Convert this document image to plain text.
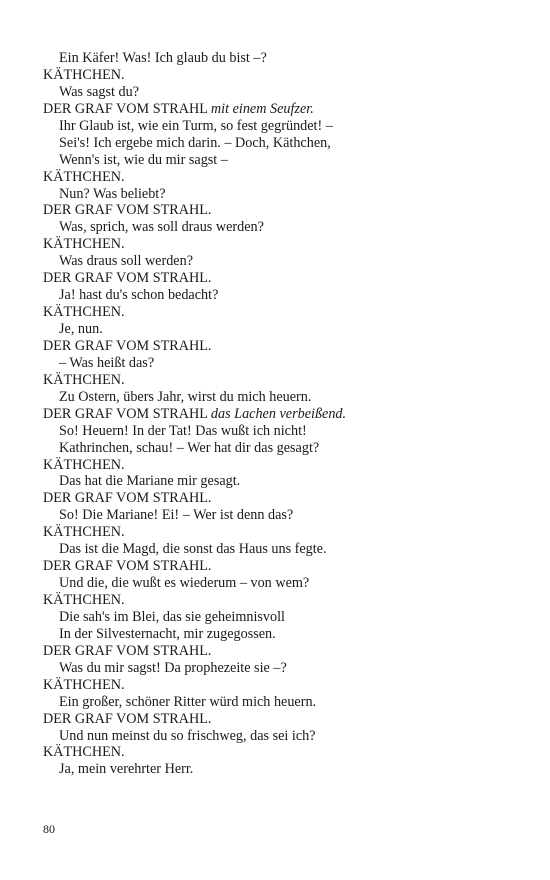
Ein Käfer! Was! Ich glaub du bist –?
KÄTHCHEN.
Was sagst du?
DER GRAF VOM STRAHL mit einem Seufzer.
Ihr Glaub ist, wie ein Turm, so fest gegründet! –
Sei's! Ich ergebe mich darin. – Doch, Käthchen,
Wenn's ist, wie du mir sagst –
KÄTHCHEN.
Nun? Was beliebt?
DER GRAF VOM STRAHL.
Was, sprich, was soll draus werden?
KÄTHCHEN.
Was draus soll werden?
DER GRAF VOM STRAHL.
Ja! hast du's schon bedacht?
KÄTHCHEN.
Je, nun.
DER GRAF VOM STRAHL.
– Was heißt das?
KÄTHCHEN.
Zu Ostern, übers Jahr, wirst du mich heuern.
DER GRAF VOM STRAHL das Lachen verbeißend.
So! Heuern! In der Tat! Das wußt ich nicht!
Kathrinchen, schau! – Wer hat dir das gesagt?
KÄTHCHEN.
Das hat die Mariane mir gesagt.
DER GRAF VOM STRAHL.
So! Die Mariane! Ei! – Wer ist denn das?
KÄTHCHEN.
Das ist die Magd, die sonst das Haus uns fegte.
DER GRAF VOM STRAHL.
Und die, die wußt es wiederum – von wem?
KÄTHCHEN.
Die sah's im Blei, das sie geheimnisvoll
In der Silvesternacht, mir zugegossen.
DER GRAF VOM STRAHL.
Was du mir sagst! Da prophezeite sie –?
KÄTHCHEN.
Ein großer, schöner Ritter würd mich heuern.
DER GRAF VOM STRAHL.
Und nun meinst du so frischweg, das sei ich?
KÄTHCHEN.
Ja, mein verehrter Herr.
80
